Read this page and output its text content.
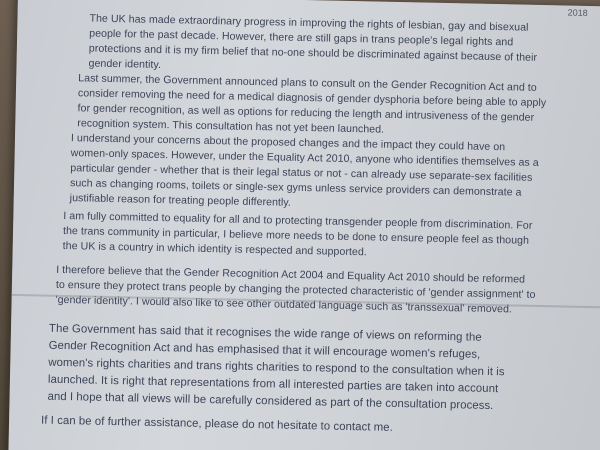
2018
The UK has made extraordinary progress in improving the rights of lesbian, gay and bisexual people for the past decade. However, there are still gaps in trans people's legal rights and protections and it is my firm belief that no-one should be discriminated against because of their gender identity.
Last summer, the Government announced plans to consult on the Gender Recognition Act and to consider removing the need for a medical diagnosis of gender dysphoria before being able to apply for gender recognition, as well as options for reducing the length and intrusiveness of the gender recognition system. This consultation has not yet been launched.
I understand your concerns about the proposed changes and the impact they could have on women-only spaces. However, under the Equality Act 2010, anyone who identifies themselves as a particular gender - whether that is their legal status or not - can already use separate-sex facilities such as changing rooms, toilets or single-sex gyms unless service providers can demonstrate a justifiable reason for treating people differently.
I am fully committed to equality for all and to protecting transgender people from discrimination. For the trans community in particular, I believe more needs to be done to ensure people feel as though the UK is a country in which identity is respected and supported.
I therefore believe that the Gender Recognition Act 2004 and Equality Act 2010 should be reformed to ensure they protect trans people by changing the protected characteristic of 'gender assignment' to 'gender identity'. I would also like to see other outdated language such as 'transsexual' removed.
The Government has said that it recognises the wide range of views on reforming the Gender Recognition Act and has emphasised that it will encourage women's refuges, women's rights charities and trans rights charities to respond to the consultation when it is launched. It is right that representations from all interested parties are taken into account and I hope that all views will be carefully considered as part of the consultation process.
If I can be of further assistance, please do not hesitate to contact me.
